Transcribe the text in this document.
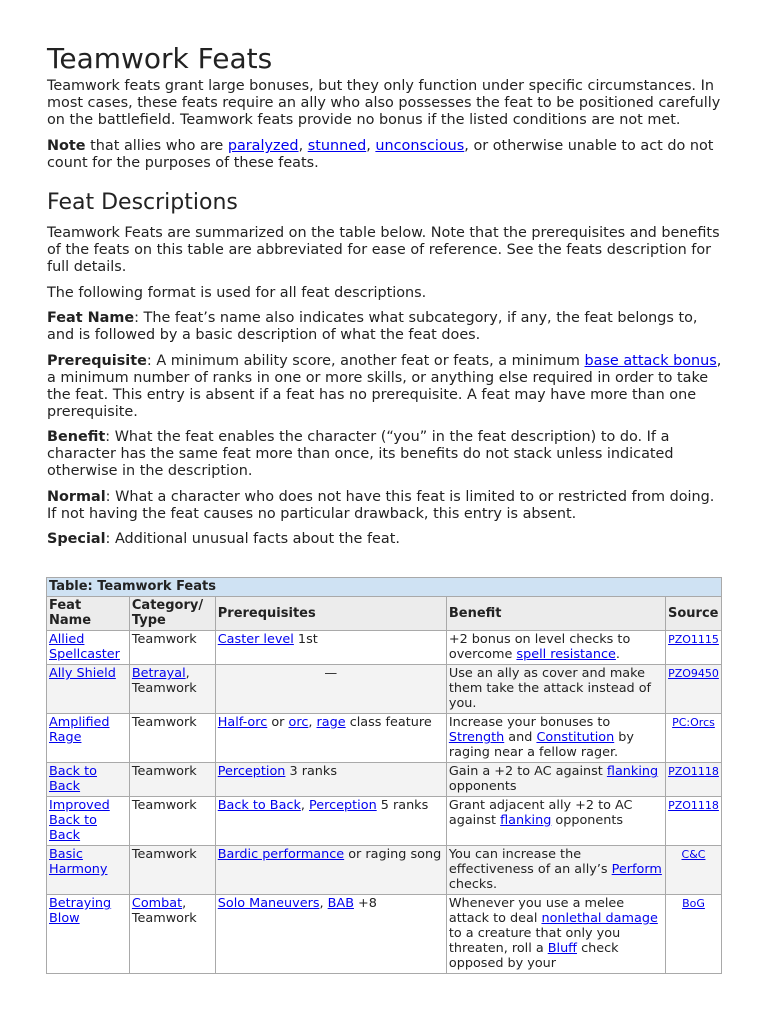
Teamwork Feats

Teamwork feats grant large bonuses, but they only function under specific circumstances. In most cases, these feats require an ally who also possesses the feat to be positioned carefully on the battlefield. Teamwork feats provide no bonus if the listed conditions are not met.

Note that allies who are paralyzed, stunned, unconscious, or otherwise unable to act do not count for the purposes of these feats.

Feat Descriptions

Teamwork Feats are summarized on the table below. Note that the prerequisites and benefits of the feats on this table are abbreviated for ease of reference. See the feats description for full details.

The following format is used for all feat descriptions.

Feat Name: The feat’s name also indicates what subcategory, if any, the feat belongs to, and is followed by a basic description of what the feat does.

Prerequisite: A minimum ability score, another feat or feats, a minimum base attack bonus, a minimum number of ranks in one or more skills, or anything else required in order to take the feat. This entry is absent if a feat has no prerequisite. A feat may have more than one prerequisite.

Benefit: What the feat enables the character (“you” in the feat description) to do. If a character has the same feat more than once, its benefits do not stack unless indicated otherwise in the description.

Normal: What a character who does not have this feat is limited to or restricted from doing. If not having the feat causes no particular drawback, this entry is absent.

Special: Additional unusual facts about the feat.

Table: Teamwork Feats				
Feat Name	Category/ Type	Prerequisites	Benefit	Source
Allied Spellcaster	Teamwork	Caster level 1st	+2 bonus on level checks to overcome spell resistance.	PZO1115
Ally Shield	Betrayal, Teamwork	—	Use an ally as cover and make them take the attack instead of you.	PZO9450
Amplified Rage	Teamwork	Half-orc or orc, rage class feature	Increase your bonuses to Strength and Constitution by raging near a fellow rager.	PC:Orcs
Back to Back	Teamwork	Perception 3 ranks	Gain a +2 to AC against flanking opponents	PZO1118
Improved Back to Back	Teamwork	Back to Back, Perception 5 ranks	Grant adjacent ally +2 to AC against flanking opponents	PZO1118
Basic Harmony	Teamwork	Bardic performance or raging song	You can increase the effectiveness of an ally’s Perform checks.	C&C
Betraying Blow	Combat, Teamwork	Solo Maneuvers, BAB +8	Whenever you use a melee attack to deal nonlethal damage to a creature that only you threaten, roll a Bluff check opposed by your	BoG
